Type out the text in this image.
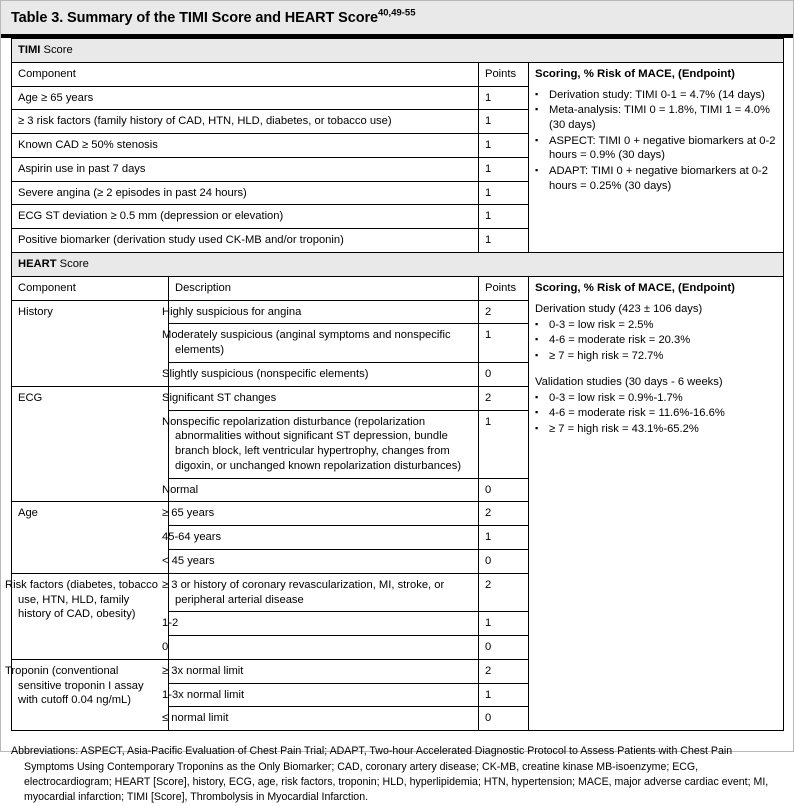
Table 3. Summary of the TIMI Score and HEART Score$^{40,49-55}$
TIMI Score		
Component	Points	Scoring, % Risk of MACE, (Endpoint)
▪ Derivation study: TIMI 0-1 = 4.7% (14 days)
▪ Meta-analysis: TIMI 0 = 1.8%, TIMI 1 = 4.0% (30 days)
▪ ASPECT: TIMI 0 + negative biomarkers at 0-2 hours = 0.9% (30 days)
▪ ADAPT: TIMI 0 + negative biomarkers at 0-2 hours = 0.25% (30 days)

Age ≥ 65 years	1	
≥ 3 risk factors (family history of CAD, HTN, HLD, diabetes, or tobacco use)	1	
Known CAD ≥ 50% stenosis	1	
Aspirin use in past 7 days	1	
Severe angina (≥ 2 episodes in past 24 hours)	1	
ECG ST deviation ≥ 0.5 mm (depression or elevation)	1	
Positive biomarker (derivation study used CK-MB and/or troponin)	1	
HEART Score			
Component	Description	Points	Scoring, % Risk of MACE, (Endpoint)
Derivation study (423 ± 106 days)
▪ 0-3 = low risk = 2.5%
▪ 4-6 = moderate risk = 20.3%
▪ ≥ 7 = high risk = 72.7%
Validation studies (30 days - 6 weeks)
▪ 0-3 = low risk = 0.9%-1.7%
▪ 4-6 = moderate risk = 11.6%-16.6%
▪ ≥ 7 = high risk = 43.1%-65.2%

History	Highly suspicious for angina	2	
	Moderately suspicious (anginal symptoms and nonspecific elements)	1	
	Slightly suspicious (nonspecific elements)	0	
ECG	Significant ST changes	2	
	Nonspecific repolarization disturbance (repolarization abnormalities without significant ST depression, bundle branch block, left ventricular hypertrophy, changes from digoxin, or unchanged known repolarization disturbances)	1	
	Normal	0	
Age	≥ 65 years	2	
	45-64 years	1	
	< 45 years	0	
Risk factors (diabetes, tobacco use, HTN, HLD, family history of CAD, obesity)	≥ 3 or history of coronary revascularization, MI, stroke, or peripheral arterial disease	2	
	1-2	1	
	0	0	
Troponin (conventional sensitive troponin I assay with cutoff 0.04 ng/mL)	≥ 3x normal limit	2	
	1-3x normal limit	1	
	≤ normal limit	0	
Abbreviations: ASPECT, Asia-Pacific Evaluation of Chest Pain Trial; ADAPT, Two-hour Accelerated Diagnostic Protocol to Assess Patients with Chest Pain Symptoms Using Contemporary Troponins as the Only Biomarker; CAD, coronary artery disease; CK-MB, creatine kinase MB-isoenzyme; ECG, electrocardiogram; HEART [Score], history, ECG, age, risk factors, troponin; HLD, hyperlipidemia; HTN, hypertension; MACE, major adverse cardiac event; MI, myocardial infarction; TIMI [Score], Thrombolysis in Myocardial Infarction.
